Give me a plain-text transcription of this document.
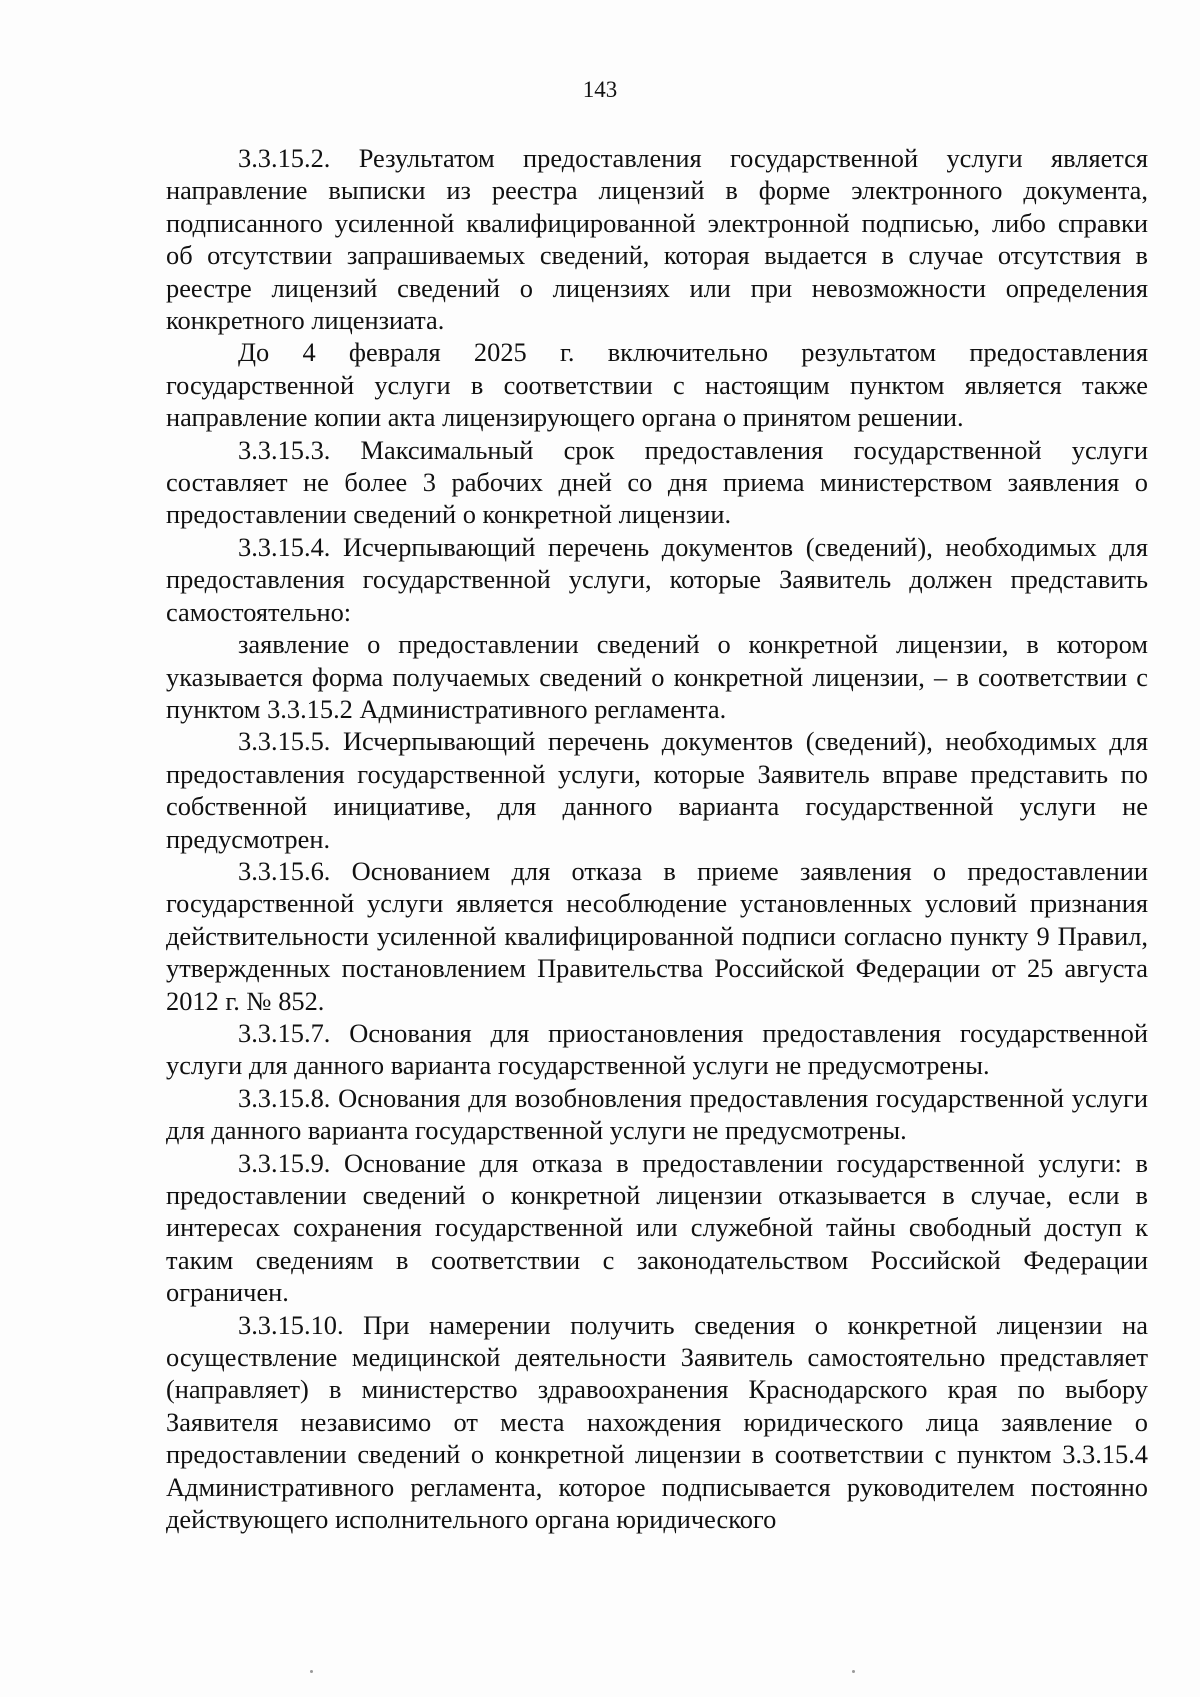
143

3.3.15.2. Результатом предоставления государственной услуги является направление выписки из реестра лицензий в форме электронного документа, подписанного усиленной квалифицированной электронной подписью, либо справки об отсутствии запрашиваемых сведений, которая выдается в случае отсутствия в реестре лицензий сведений о лицензиях или при невозможности определения конкретного лицензиата.

До 4 февраля 2025 г. включительно результатом предоставления государственной услуги в соответствии с настоящим пунктом является также направление копии акта лицензирующего органа о принятом решении.

3.3.15.3. Максимальный срок предоставления государственной услуги составляет не более 3 рабочих дней со дня приема министерством заявления о предоставлении сведений о конкретной лицензии.

3.3.15.4. Исчерпывающий перечень документов (сведений), необходимых для предоставления государственной услуги, которые Заявитель должен представить самостоятельно:

заявление о предоставлении сведений о конкретной лицензии, в котором указывается форма получаемых сведений о конкретной лицензии, – в соответствии с пунктом 3.3.15.2 Административного регламента.

3.3.15.5. Исчерпывающий перечень документов (сведений), необходимых для предоставления государственной услуги, которые Заявитель вправе представить по собственной инициативе, для данного варианта государственной услуги не предусмотрен.

3.3.15.6. Основанием для отказа в приеме заявления о предоставлении государственной услуги является несоблюдение установленных условий признания действительности усиленной квалифицированной подписи согласно пункту 9 Правил, утвержденных постановлением Правительства Российской Федерации от 25 августа 2012 г. № 852.

3.3.15.7. Основания для приостановления предоставления государственной услуги для данного варианта государственной услуги не предусмотрены.

3.3.15.8. Основания для возобновления предоставления государственной услуги для данного варианта государственной услуги не предусмотрены.

3.3.15.9. Основание для отказа в предоставлении государственной услуги: в предоставлении сведений о конкретной лицензии отказывается в случае, если в интересах сохранения государственной или служебной тайны свободный доступ к таким сведениям в соответствии с законодательством Российской Федерации ограничен.

3.3.15.10. При намерении получить сведения о конкретной лицензии на осуществление медицинской деятельности Заявитель самостоятельно представляет (направляет) в министерство здравоохранения Краснодарского края по выбору Заявителя независимо от места нахождения юридического лица заявление о предоставлении сведений о конкретной лицензии в соответствии с пунктом 3.3.15.4 Административного регламента, которое подписывается руководителем постоянно действующего исполнительного органа юридического
